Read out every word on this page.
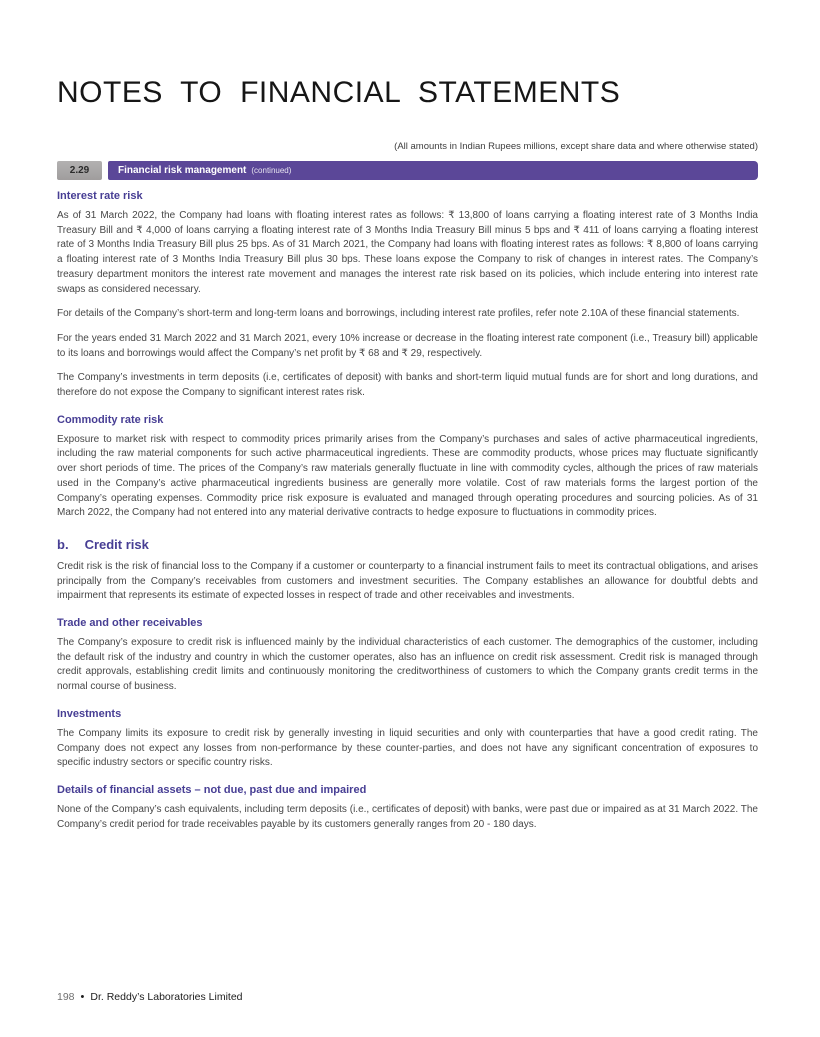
NOTES TO FINANCIAL STATEMENTS
(All amounts in Indian Rupees millions, except share data and where otherwise stated)
2.29	Financial risk management (continued)
Interest rate risk

As of 31 March 2022, the Company had loans with floating interest rates as follows: ₹ 13,800 of loans carrying a floating interest rate of 3 Months India Treasury Bill and ₹ 4,000 of loans carrying a floating interest rate of 3 Months India Treasury Bill minus 5 bps and ₹ 411 of loans carrying a floating interest rate of 3 Months India Treasury Bill plus 25 bps. As of 31 March 2021, the Company had loans with floating interest rates as follows: ₹ 8,800 of loans carrying a floating interest rate of 3 Months India Treasury Bill plus 30 bps. These loans expose the Company to risk of changes in interest rates. The Company’s treasury department monitors the interest rate movement and manages the interest rate risk based on its policies, which include entering into interest rate swaps as considered necessary.

For details of the Company’s short-term and long-term loans and borrowings, including interest rate profiles, refer note 2.10A of these financial statements.

For the years ended 31 March 2022 and 31 March 2021, every 10% increase or decrease in the floating interest rate component (i.e., Treasury bill) applicable to its loans and borrowings would affect the Company’s net profit by ₹ 68 and ₹ 29, respectively.

The Company’s investments in term deposits (i.e, certificates of deposit) with banks and short-term liquid mutual funds are for short and long durations, and therefore do not expose the Company to significant interest rates risk.

Commodity rate risk

Exposure to market risk with respect to commodity prices primarily arises from the Company’s purchases and sales of active pharmaceutical ingredients, including the raw material components for such active pharmaceutical ingredients. These are commodity products, whose prices may fluctuate significantly over short periods of time. The prices of the Company’s raw materials generally fluctuate in line with commodity cycles, although the prices of raw materials used in the Company’s active pharmaceutical ingredients business are generally more volatile. Cost of raw materials forms the largest portion of the Company’s operating expenses. Commodity price risk exposure is evaluated and managed through operating procedures and sourcing policies. As of 31 March 2022, the Company had not entered into any material derivative contracts to hedge exposure to fluctuations in commodity prices.

b. Credit risk

Credit risk is the risk of financial loss to the Company if a customer or counterparty to a financial instrument fails to meet its contractual obligations, and arises principally from the Company’s receivables from customers and investment securities. The Company establishes an allowance for doubtful debts and impairment that represents its estimate of expected losses in respect of trade and other receivables and investments.

Trade and other receivables

The Company’s exposure to credit risk is influenced mainly by the individual characteristics of each customer. The demographics of the customer, including the default risk of the industry and country in which the customer operates, also has an influence on credit risk assessment. Credit risk is managed through credit approvals, establishing credit limits and continuously monitoring the creditworthiness of customers to which the Company grants credit terms in the normal course of business.

Investments

The Company limits its exposure to credit risk by generally investing in liquid securities and only with counterparties that have a good credit rating. The Company does not expect any losses from non-performance by these counter-parties, and does not have any significant concentration of exposures to specific industry sectors or specific country risks.

Details of financial assets – not due, past due and impaired

None of the Company’s cash equivalents, including term deposits (i.e., certificates of deposit) with banks, were past due or impaired as at 31 March 2022. The Company’s credit period for trade receivables payable by its customers generally ranges from 20 - 180 days.

198 • Dr. Reddy’s Laboratories Limited
